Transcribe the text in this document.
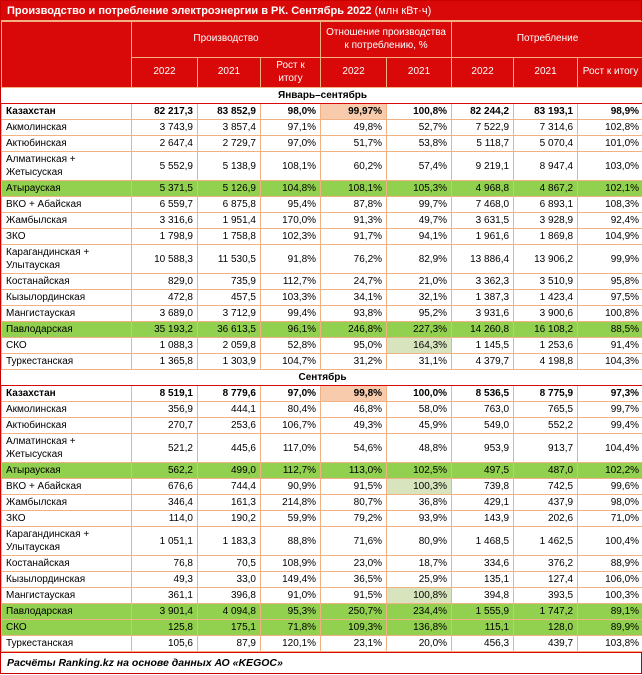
Производство и потребление электроэнергии в РК. Сентябрь 2022 (млн кВт·ч)
	Производство			Отношение производства к потреблению, %		Потребление		
	2022	2021	Рост к итогу	2022	2021	2022	2021	Рост к итогу
Январь–сентябрь								
Казахстан	82 217,3	83 852,9	98,0%	99,97%	100,8%	82 244,2	83 193,1	98,9%
Акмолинская	3 743,9	3 857,4	97,1%	49,8%	52,7%	7 522,9	7 314,6	102,8%
Актюбинская	2 647,4	2 729,7	97,0%	51,7%	53,8%	5 118,7	5 070,4	101,0%
Алматинская + Жетысуская	5 552,9	5 138,9	108,1%	60,2%	57,4%	9 219,1	8 947,4	103,0%
Атырауская	5 371,5	5 126,9	104,8%	108,1%	105,3%	4 968,8	4 867,2	102,1%
ВКО + Абайская	6 559,7	6 875,8	95,4%	87,8%	99,7%	7 468,0	6 893,1	108,3%
Жамбылская	3 316,6	1 951,4	170,0%	91,3%	49,7%	3 631,5	3 928,9	92,4%
ЗКО	1 798,9	1 758,8	102,3%	91,7%	94,1%	1 961,6	1 869,8	104,9%
Карагандинская + Улытауская	10 588,3	11 530,5	91,8%	76,2%	82,9%	13 886,4	13 906,2	99,9%
Костанайская	829,0	735,9	112,7%	24,7%	21,0%	3 362,3	3 510,9	95,8%
Кызылординская	472,8	457,5	103,3%	34,1%	32,1%	1 387,3	1 423,4	97,5%
Мангистауская	3 689,0	3 712,9	99,4%	93,8%	95,2%	3 931,6	3 900,6	100,8%
Павлодарская	35 193,2	36 613,5	96,1%	246,8%	227,3%	14 260,8	16 108,2	88,5%
СКО	1 088,3	2 059,8	52,8%	95,0%	164,3%	1 145,5	1 253,6	91,4%
Туркестанская	1 365,8	1 303,9	104,7%	31,2%	31,1%	4 379,7	4 198,8	104,3%
Сентябрь								
Казахстан	8 519,1	8 779,6	97,0%	99,8%	100,0%	8 536,5	8 775,9	97,3%
Акмолинская	356,9	444,1	80,4%	46,8%	58,0%	763,0	765,5	99,7%
Актюбинская	270,7	253,6	106,7%	49,3%	45,9%	549,0	552,2	99,4%
Алматинская + Жетысуская	521,2	445,6	117,0%	54,6%	48,8%	953,9	913,7	104,4%
Атырауская	562,2	499,0	112,7%	113,0%	102,5%	497,5	487,0	102,2%
ВКО + Абайская	676,6	744,4	90,9%	91,5%	100,3%	739,8	742,5	99,6%
Жамбылская	346,4	161,3	214,8%	80,7%	36,8%	429,1	437,9	98,0%
ЗКО	114,0	190,2	59,9%	79,2%	93,9%	143,9	202,6	71,0%
Карагандинская + Улытауская	1 051,1	1 183,3	88,8%	71,6%	80,9%	1 468,5	1 462,5	100,4%
Костанайская	76,8	70,5	108,9%	23,0%	18,7%	334,6	376,2	88,9%
Кызылординская	49,3	33,0	149,4%	36,5%	25,9%	135,1	127,4	106,0%
Мангистауская	361,1	396,8	91,0%	91,5%	100,8%	394,8	393,5	100,3%
Павлодарская	3 901,4	4 094,8	95,3%	250,7%	234,4%	1 555,9	1 747,2	89,1%
СКО	125,8	175,1	71,8%	109,3%	136,8%	115,1	128,0	89,9%
Туркестанская	105,6	87,9	120,1%	23,1%	20,0%	456,3	439,7	103,8%
Расчёты Ranking.kz на основе данных АО «KEGOC»
